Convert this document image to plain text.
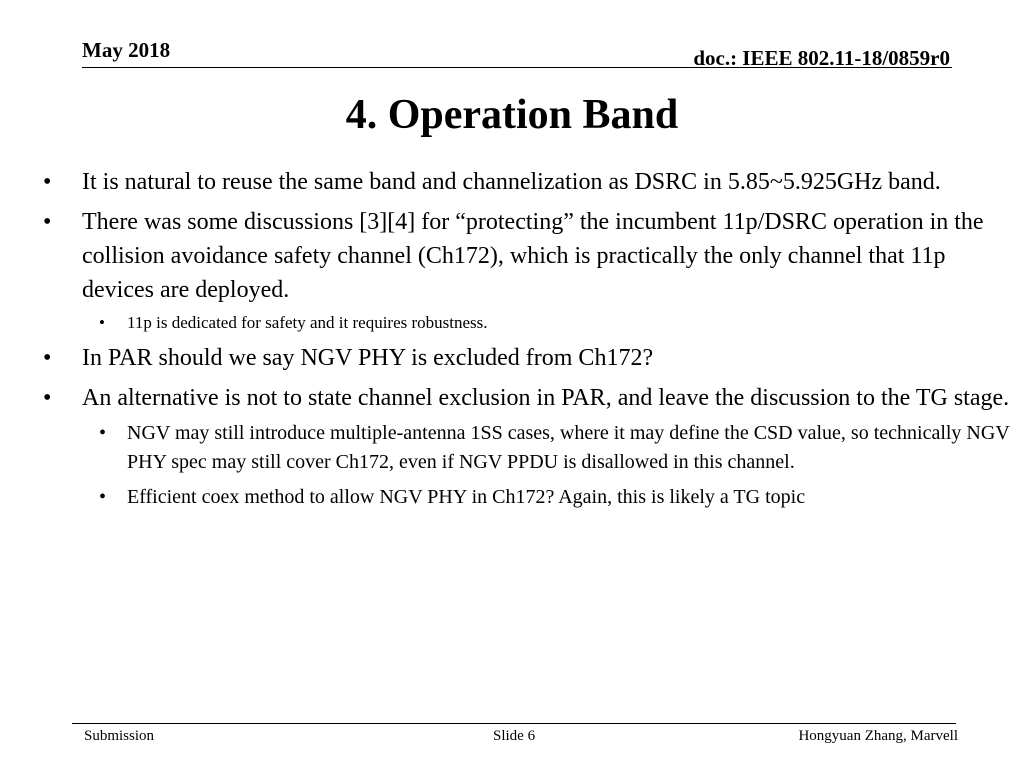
May 2018	doc.: IEEE 802.11-18/0859r0
4. Operation Band
• It is natural to reuse the same band and channelization as DSRC in 5.85~5.925GHz band.
• There was some discussions [3][4] for “protecting” the incumbent 11p/DSRC operation in the collision avoidance safety channel (Ch172), which is practically the only channel that 11p devices are deployed.
• 11p is dedicated for safety and it requires robustness.
• In PAR should we say NGV PHY is excluded from Ch172?
• An alternative is not to state channel exclusion in PAR, and leave the discussion to the TG stage.
• NGV may still introduce multiple-antenna 1SS cases, where it may define the CSD value, so technically NGV PHY spec may still cover Ch172, even if NGV PPDU is disallowed in this channel.
• Efficient coex method to allow NGV PHY in Ch172? Again, this is likely a TG topic
Submission	Slide 6	Hongyuan Zhang, Marvell
